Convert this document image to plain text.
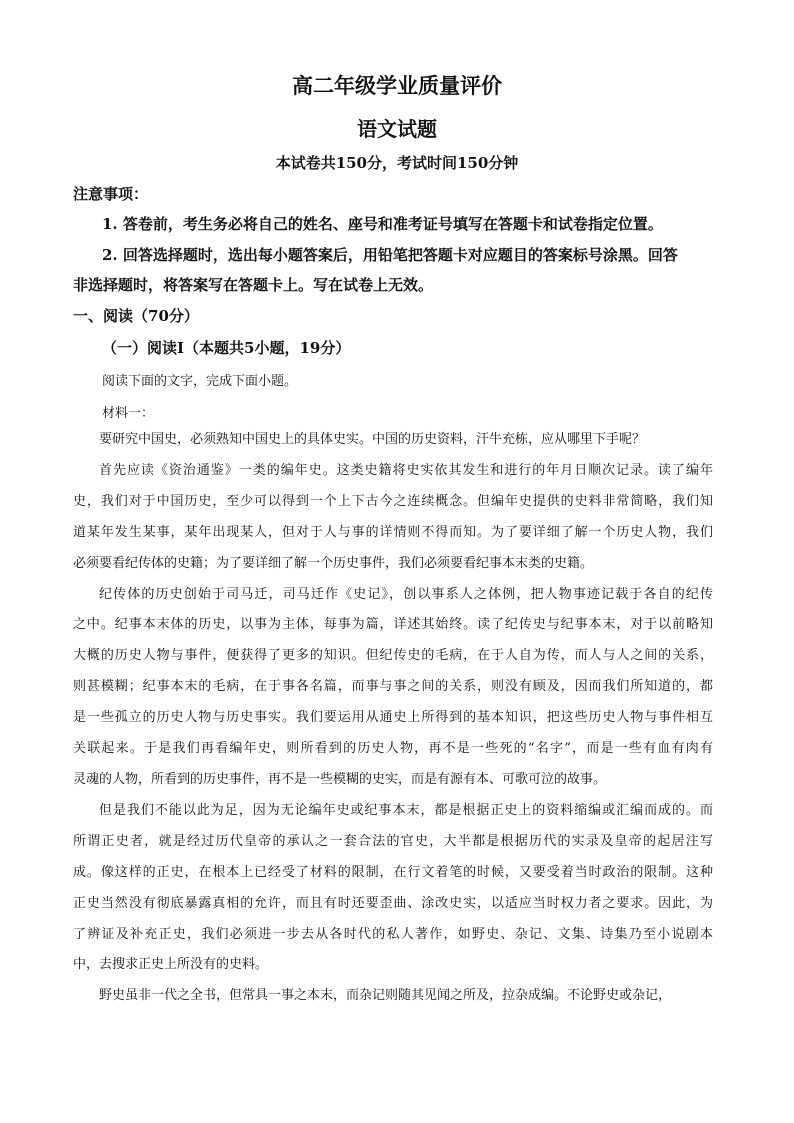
高二年级学业质量评价
语文试题
本试卷共150分，考试时间150分钟
注意事项：
1. 答卷前，考生务必将自己的姓名、座号和准考证号填写在答题卡和试卷指定位置。
2. 回答选择题时，选出每小题答案后，用铅笔把答题卡对应题目的答案标号涂黑。回答
非选择题时，将答案写在答题卡上。写在试卷上无效。
一、阅读（70分）
（一）阅读Ⅰ（本题共5小题，19分）
阅读下面的文字，完成下面小题。
材料一：
要研究中国史，必须熟知中国史上的具体史实。中国的历史资料，汗牛充栋，应从哪里下手呢？
首先应读《资治通鉴》一类的编年史。这类史籍将史实依其发生和进行的年月日顺次记录。读了编年
史，我们对于中国历史，至少可以得到一个上下古今之连续概念。但编年史提供的史料非常简略，我们知
道某年发生某事，某年出现某人，但对于人与事的详情则不得而知。为了要详细了解一个历史人物，我们
必须要看纪传体的史籍；为了要详细了解一个历史事件，我们必须要看纪事本末类的史籍。
纪传体的历史创始于司马迁，司马迁作《史记》，创以事系人之体例，把人物事迹记载于各自的纪传
之中。纪事本末体的历史，以事为主体，每事为篇，详述其始终。读了纪传史与纪事本末，对于以前略知
大概的历史人物与事件，便获得了更多的知识。但纪传史的毛病，在于人自为传，而人与人之间的关系，
则甚模糊；纪事本末的毛病，在于事各名篇，而事与事之间的关系，则没有顾及，因而我们所知道的，都
是一些孤立的历史人物与历史事实。我们要运用从通史上所得到的基本知识，把这些历史人物与事件相互
关联起来。于是我们再看编年史，则所看到的历史人物，再不是一些死的“名字”，而是一些有血有肉有
灵魂的人物，所看到的历史事件，再不是一些模糊的史实，而是有源有本、可歌可泣的故事。
但是我们不能以此为足，因为无论编年史或纪事本末，都是根据正史上的资料缩编或汇编而成的。而
所谓正史者，就是经过历代皇帝的承认之一套合法的官史，大半都是根据历代的实录及皇帝的起居注写
成。像这样的正史，在根本上已经受了材料的限制，在行文着笔的时候，又要受着当时政治的限制。这种
正史当然没有彻底暴露真相的允许，而且有时还要歪曲、涂改史实，以适应当时权力者之要求。因此，为
了辨证及补充正史，我们必须进一步去从各时代的私人著作，如野史、杂记、文集、诗集乃至小说剧本
中，去搜求正史上所没有的史料。
野史虽非一代之全书，但常具一事之本末，而杂记则随其见闻之所及，拉杂成编。不论野史或杂记，
